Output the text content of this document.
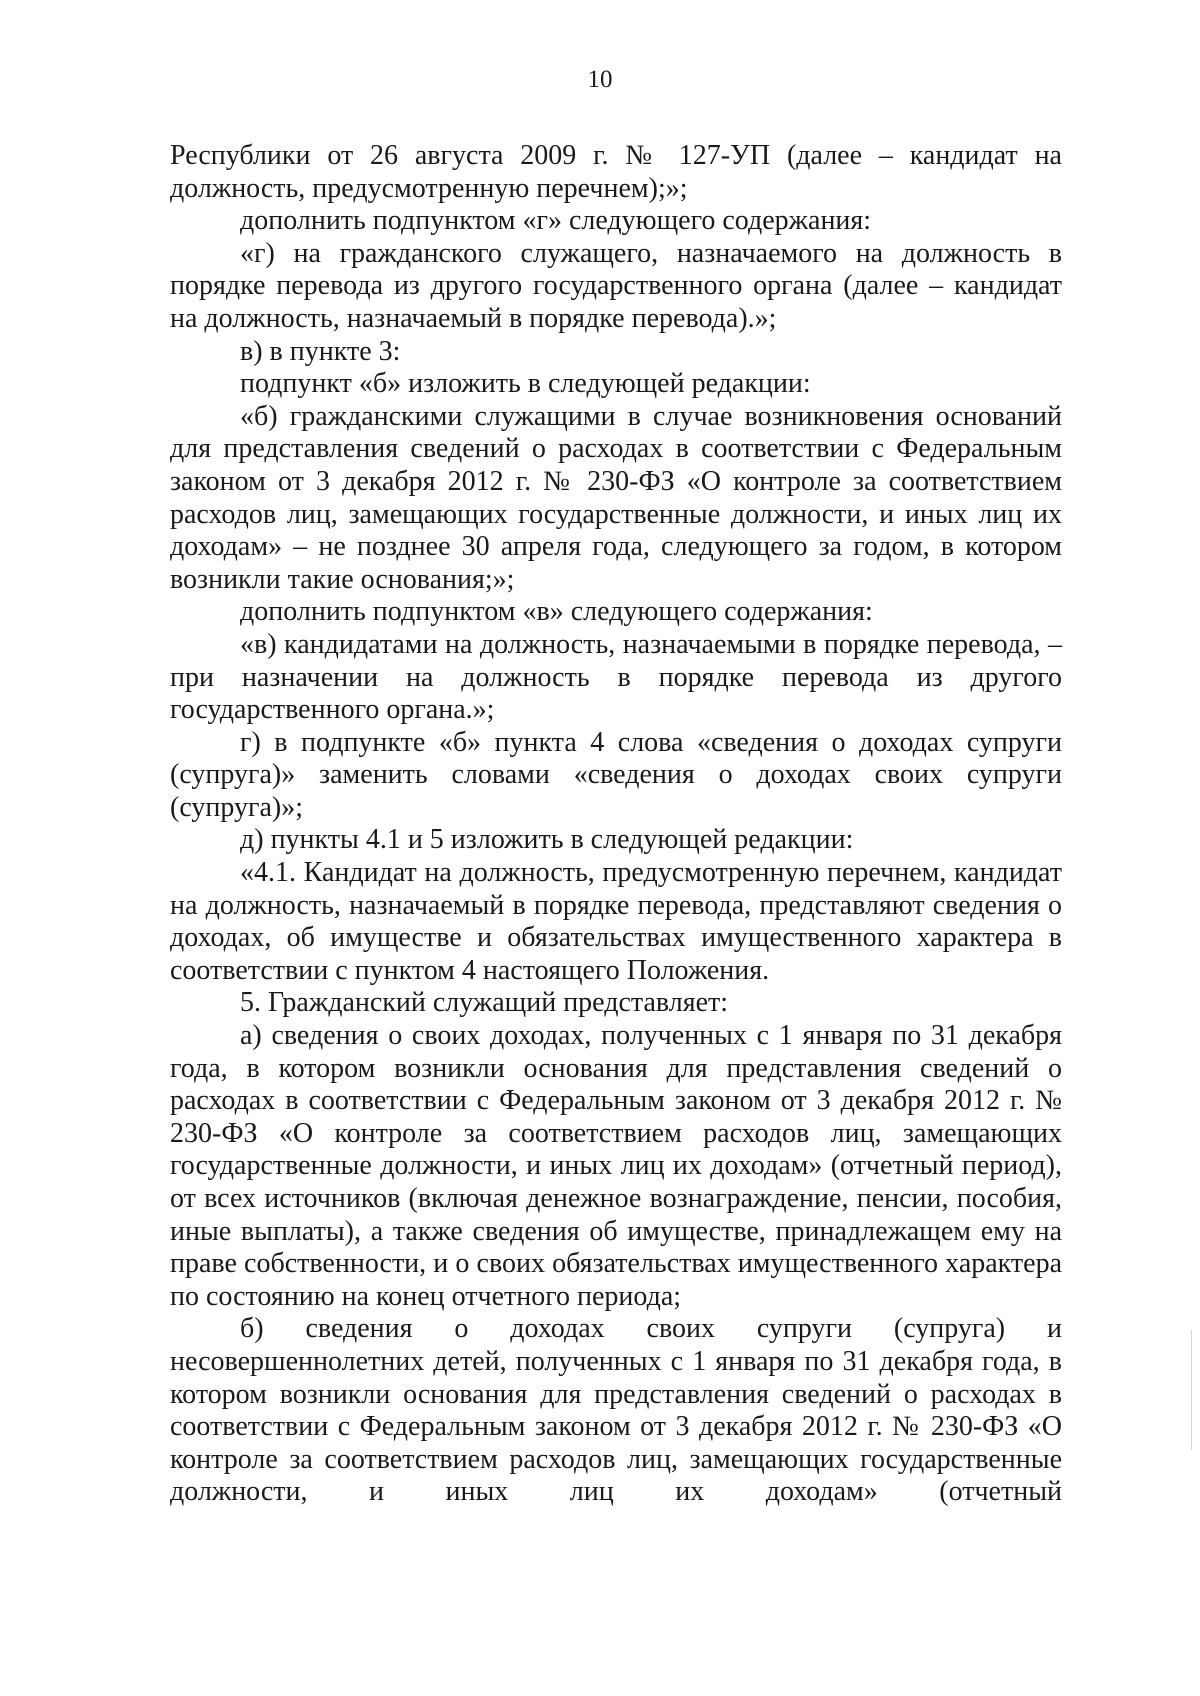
10

Республики от 26 августа 2009 г. № 127-УП (далее – кандидат на должность, предусмотренную перечнем);»;

дополнить подпунктом «г» следующего содержания:

«г) на гражданского служащего, назначаемого на должность в порядке перевода из другого государственного органа (далее – кандидат на должность, назначаемый в порядке перевода).»;

в) в пункте 3:

подпункт «б» изложить в следующей редакции:

«б) гражданскими служащими в случае возникновения оснований для представления сведений о расходах в соответствии с Федеральным законом от 3 декабря 2012 г. № 230-ФЗ «О контроле за соответствием расходов лиц, замещающих государственные должности, и иных лиц их доходам» – не позднее 30 апреля года, следующего за годом, в котором возникли такие основания;»;

дополнить подпунктом «в» следующего содержания:

«в) кандидатами на должность, назначаемыми в порядке перевода, – при назначении на должность в порядке перевода из другого государственного органа.»;

г) в подпункте «б» пункта 4 слова «сведения о доходах супруги (супруга)» заменить словами «сведения о доходах своих супруги (супруга)»;

д) пункты 4.1 и 5 изложить в следующей редакции:

«4.1. Кандидат на должность, предусмотренную перечнем, кандидат на должность, назначаемый в порядке перевода, представляют сведения о доходах, об имуществе и обязательствах имущественного характера в соответствии с пунктом 4 настоящего Положения.

5. Гражданский служащий представляет:

а) сведения о своих доходах, полученных с 1 января по 31 декабря года, в котором возникли основания для представления сведений о расходах в соответствии с Федеральным законом от 3 декабря 2012 г. № 230-ФЗ «О контроле за соответствием расходов лиц, замещающих государственные должности, и иных лиц их доходам» (отчетный период), от всех источников (включая денежное вознаграждение, пенсии, пособия, иные выплаты), а также сведения об имуществе, принадлежащем ему на праве собственности, и о своих обязательствах имущественного характера по состоянию на конец отчетного периода;

б) сведения о доходах своих супруги (супруга) и несовершеннолетних детей, полученных с 1 января по 31 декабря года, в котором возникли основания для представления сведений о расходах в соответствии с Федеральным законом от 3 декабря 2012 г. № 230-ФЗ «О контроле за соответствием расходов лиц, замещающих государственные должности, и иных лиц их доходам» (отчетный
